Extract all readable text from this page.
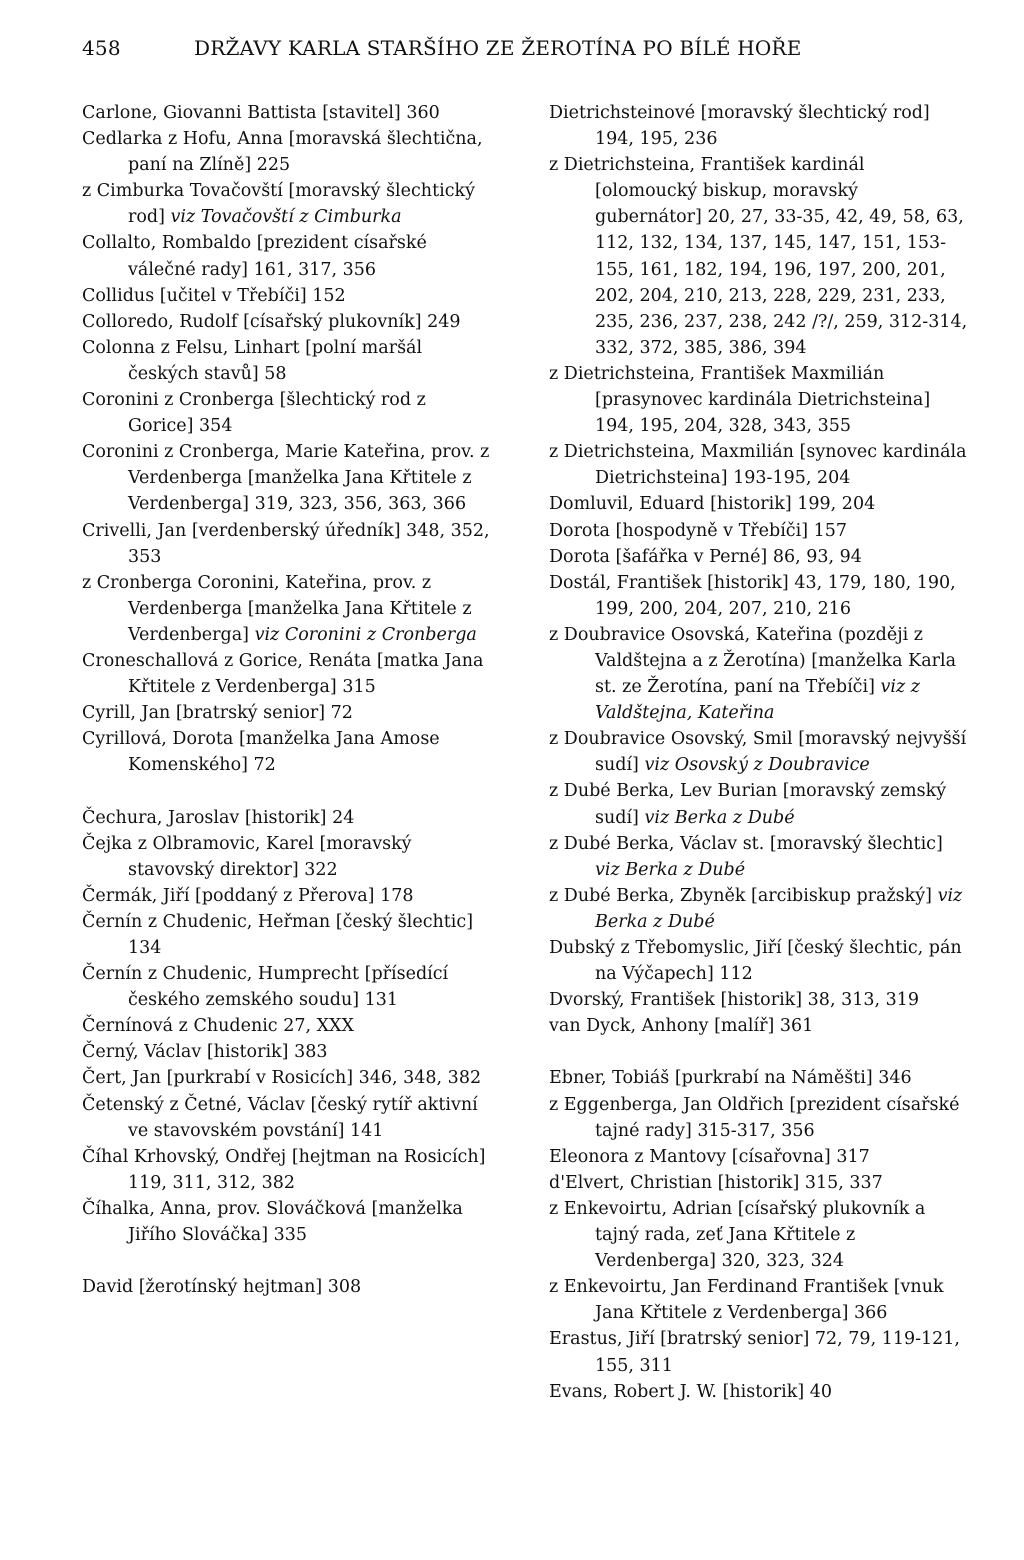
458	DRŽAVY KARLA STARŠÍHO ZE ŽEROTÍNA PO BÍLÉ HOŘE

Carlone, Giovanni Battista [stavitel] 360

Cedlarka z Hofu, Anna [moravská šlechtična, paní na Zlíně] 225

z Cimburka Tovačovští [moravský šlechtický rod] viz Tovačovští z Cimburka

Collalto, Rombaldo [prezident císařské válečné rady] 161, 317, 356

Collidus [učitel v Třebíči] 152

Colloredo, Rudolf [císařský plukovník] 249

Colonna z Felsu, Linhart [polní maršál českých stavů] 58

Coronini z Cronberga [šlechtický rod z Gorice] 354

Coronini z Cronberga, Marie Kateřina, prov. z Verdenberga [manželka Jana Křtitele z Verdenberga] 319, 323, 356, 363, 366

Crivelli, Jan [verdenberský úředník] 348, 352, 353

z Cronberga Coronini, Kateřina, prov. z Verdenberga [manželka Jana Křtitele z Verdenberga] viz Coronini z Cronberga

Croneschallová z Gorice, Renáta [matka Jana Křtitele z Verdenberga] 315

Cyrill, Jan [bratrský senior] 72

Cyrillová, Dorota [manželka Jana Amose Komenského] 72

Čechura, Jaroslav [historik] 24

Čejka z Olbramovic, Karel [moravský stavovský direktor] 322

Čermák, Jiří [poddaný z Přerova] 178

Černín z Chudenic, Heřman [český šlechtic] 134

Černín z Chudenic, Humprecht [přísedící českého zemského soudu] 131

Černínová z Chudenic 27, XXX

Černý, Václav [historik] 383

Čert, Jan [purkrabí v Rosicích] 346, 348, 382

Četenský z Četné, Václav [český rytíř aktivní ve stavovském povstání] 141

Číhal Krhovský, Ondřej [hejtman na Rosicích] 119, 311, 312, 382

Číhalka, Anna, prov. Slováčková [manželka Jiřího Slováčka] 335

David [žerotínský hejtman] 308

Dietrichsteinové [moravský šlechtický rod] 194, 195, 236

z Dietrichsteina, František kardinál [olomoucký biskup, moravský gubernátor] 20, 27, 33-35, 42, 49, 58, 63, 112, 132, 134, 137, 145, 147, 151, 153-155, 161, 182, 194, 196, 197, 200, 201, 202, 204, 210, 213, 228, 229, 231, 233, 235, 236, 237, 238, 242 /?/, 259, 312-314, 332, 372, 385, 386, 394

z Dietrichsteina, František Maxmilián [prasynovec kardinála Dietrichsteina] 194, 195, 204, 328, 343, 355

z Dietrichsteina, Maxmilián [synovec kardinála Dietrichsteina] 193-195, 204

Domluvil, Eduard [historik] 199, 204

Dorota [hospodyně v Třebíči] 157

Dorota [šafářka v Perné] 86, 93, 94

Dostál, František [historik] 43, 179, 180, 190, 199, 200, 204, 207, 210, 216

z Doubravice Osovská, Kateřina (později z Valdštejna a z Žerotína) [manželka Karla st. ze Žerotína, paní na Třebíči] viz z Valdštejna, Kateřina

z Doubravice Osovský, Smil [moravský nejvyšší sudí] viz Osovský z Doubravice

z Dubé Berka, Lev Burian [moravský zemský sudí] viz Berka z Dubé

z Dubé Berka, Václav st. [moravský šlechtic] viz Berka z Dubé

z Dubé Berka, Zbyněk [arcibiskup pražský] viz Berka z Dubé

Dubský z Třebomyslic, Jiří [český šlechtic, pán na Výčapech] 112

Dvorský, František [historik] 38, 313, 319

van Dyck, Anhony [malíř] 361

Ebner, Tobiáš [purkrabí na Náměšti] 346

z Eggenberga, Jan Oldřich [prezident císařské tajné rady] 315-317, 356

Eleonora z Mantovy [císařovna] 317

d'Elvert, Christian [historik] 315, 337

z Enkevoirtu, Adrian [císařský plukovník a tajný rada, zeť Jana Křtitele z Verdenberga] 320, 323, 324

z Enkevoirtu, Jan Ferdinand František [vnuk Jana Křtitele z Verdenberga] 366

Erastus, Jiří [bratrský senior] 72, 79, 119-121, 155, 311

Evans, Robert J. W. [historik] 40
